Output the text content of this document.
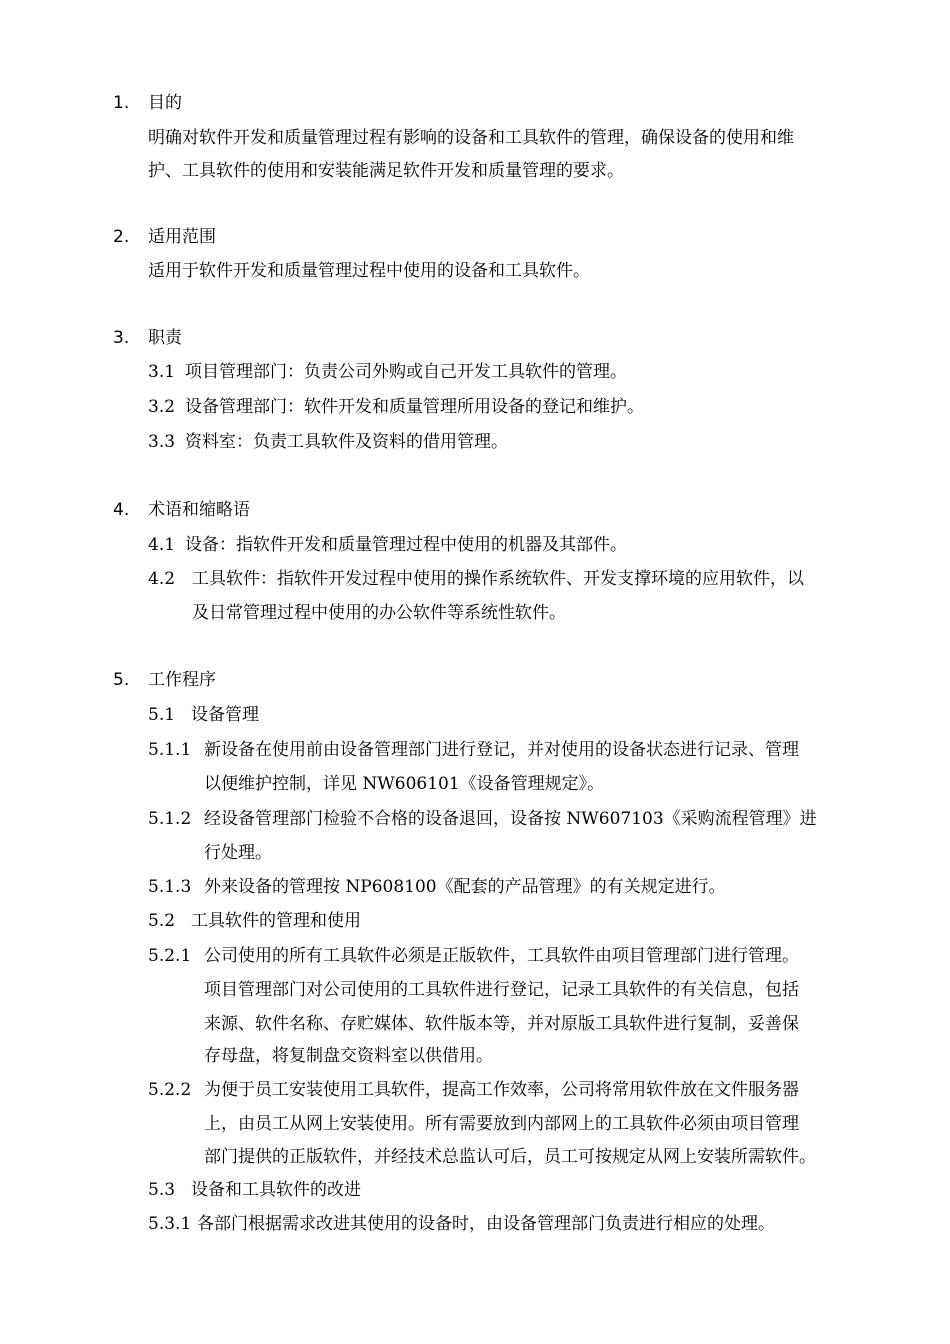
1. 目的
明确对软件开发和质量管理过程有影响的设备和工具软件的管理，确保设备的使用和维
护、工具软件的使用和安装能满足软件开发和质量管理的要求。
2. 适用范围
适用于软件开发和质量管理过程中使用的设备和工具软件。
3. 职责
3.1 项目管理部门：负责公司外购或自己开发工具软件的管理。
3.2 设备管理部门：软件开发和质量管理所用设备的登记和维护。
3.3 资料室：负责工具软件及资料的借用管理。
4. 术语和缩略语
4.1 设备：指软件开发和质量管理过程中使用的机器及其部件。
4.2 工具软件：指软件开发过程中使用的操作系统软件、开发支撑环境的应用软件，以
及日常管理过程中使用的办公软件等系统性软件。
5. 工作程序
5.1 设备管理
5.1.1 新设备在使用前由设备管理部门进行登记，并对使用的设备状态进行记录、管理
以便维护控制，详见 NW606101《设备管理规定》。
5.1.2 经设备管理部门检验不合格的设备退回，设备按 NW607103《采购流程管理》进
行处理。
5.1.3 外来设备的管理按 NP608100《配套的产品管理》的有关规定进行。
5.2 工具软件的管理和使用
5.2.1 公司使用的所有工具软件必须是正版软件，工具软件由项目管理部门进行管理。
项目管理部门对公司使用的工具软件进行登记，记录工具软件的有关信息，包括
来源、软件名称、存贮媒体、软件版本等，并对原版工具软件进行复制，妥善保
存母盘，将复制盘交资料室以供借用。
5.2.2 为便于员工安装使用工具软件，提高工作效率，公司将常用软件放在文件服务器
上，由员工从网上安装使用。所有需要放到内部网上的工具软件必须由项目管理
部门提供的正版软件，并经技术总监认可后，员工可按规定从网上安装所需软件。
5.3 设备和工具软件的改进
5.3.1 各部门根据需求改进其使用的设备时，由设备管理部门负责进行相应的处理。
